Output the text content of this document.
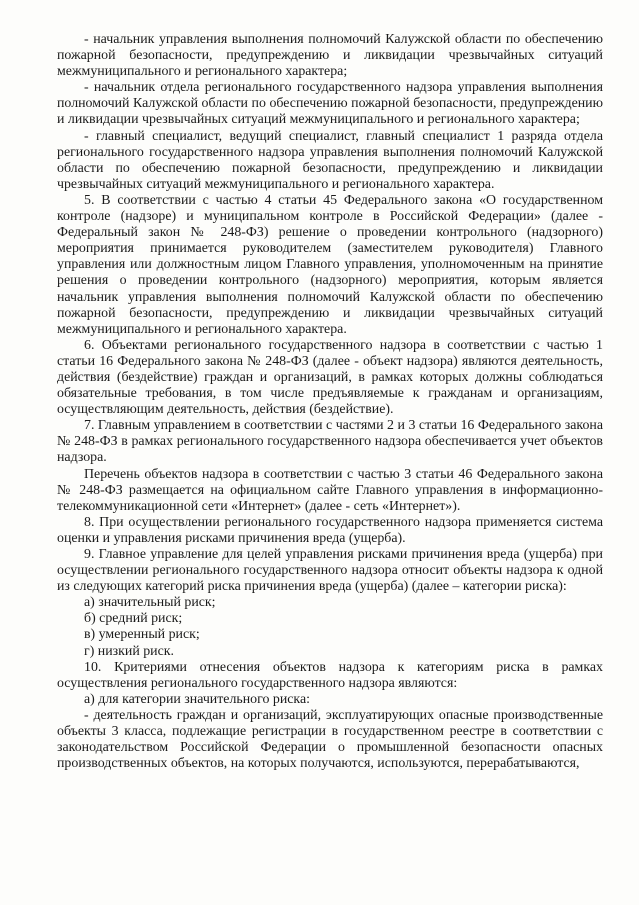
- начальник управления выполнения полномочий Калужской области по обеспечению пожарной безопасности, предупреждению и ликвидации чрезвычайных ситуаций межмуниципального и регионального характера;

- начальник отдела регионального государственного надзора управления выполнения полномочий Калужской области по обеспечению пожарной безопасности, предупреждению и ликвидации чрезвычайных ситуаций межмуниципального и регионального характера;

- главный специалист, ведущий специалист, главный специалист 1 разряда отдела регионального государственного надзора управления выполнения полномочий Калужской области по обеспечению пожарной безопасности, предупреждению и ликвидации чрезвычайных ситуаций межмуниципального и регионального характера.

5. В соответствии с частью 4 статьи 45 Федерального закона «О государственном контроле (надзоре) и муниципальном контроле в Российской Федерации» (далее - Федеральный закон № 248-ФЗ) решение о проведении контрольного (надзорного) мероприятия принимается руководителем (заместителем руководителя) Главного управления или должностным лицом Главного управления, уполномоченным на принятие решения о проведении контрольного (надзорного) мероприятия, которым является начальник управления выполнения полномочий Калужской области по обеспечению пожарной безопасности, предупреждению и ликвидации чрезвычайных ситуаций межмуниципального и регионального характера.

6. Объектами регионального государственного надзора в соответствии с частью 1 статьи 16 Федерального закона № 248-ФЗ (далее - объект надзора) являются деятельность, действия (бездействие) граждан и организаций, в рамках которых должны соблюдаться обязательные требования, в том числе предъявляемые к гражданам и организациям, осуществляющим деятельность, действия (бездействие).

7. Главным управлением в соответствии с частями 2 и 3 статьи 16 Федерального закона № 248-ФЗ в рамках регионального государственного надзора обеспечивается учет объектов надзора.

Перечень объектов надзора в соответствии с частью 3 статьи 46 Федерального закона № 248-ФЗ размещается на официальном сайте Главного управления в информационно-телекоммуникационной сети «Интернет» (далее - сеть «Интернет»).

8. При осуществлении регионального государственного надзора применяется система оценки и управления рисками причинения вреда (ущерба).

9. Главное управление для целей управления рисками причинения вреда (ущерба) при осуществлении регионального государственного надзора относит объекты надзора к одной из следующих категорий риска причинения вреда (ущерба) (далее – категории риска):

а) значительный риск;

б) средний риск;

в) умеренный риск;

г) низкий риск.

10. Критериями отнесения объектов надзора к категориям риска в рамках осуществления регионального государственного надзора являются:

а) для категории значительного риска:

- деятельность граждан и организаций, эксплуатирующих опасные производственные объекты 3 класса, подлежащие регистрации в государственном реестре в соответствии с законодательством Российской Федерации о промышленной безопасности опасных производственных объектов, на которых получаются, используются, перерабатываются,
